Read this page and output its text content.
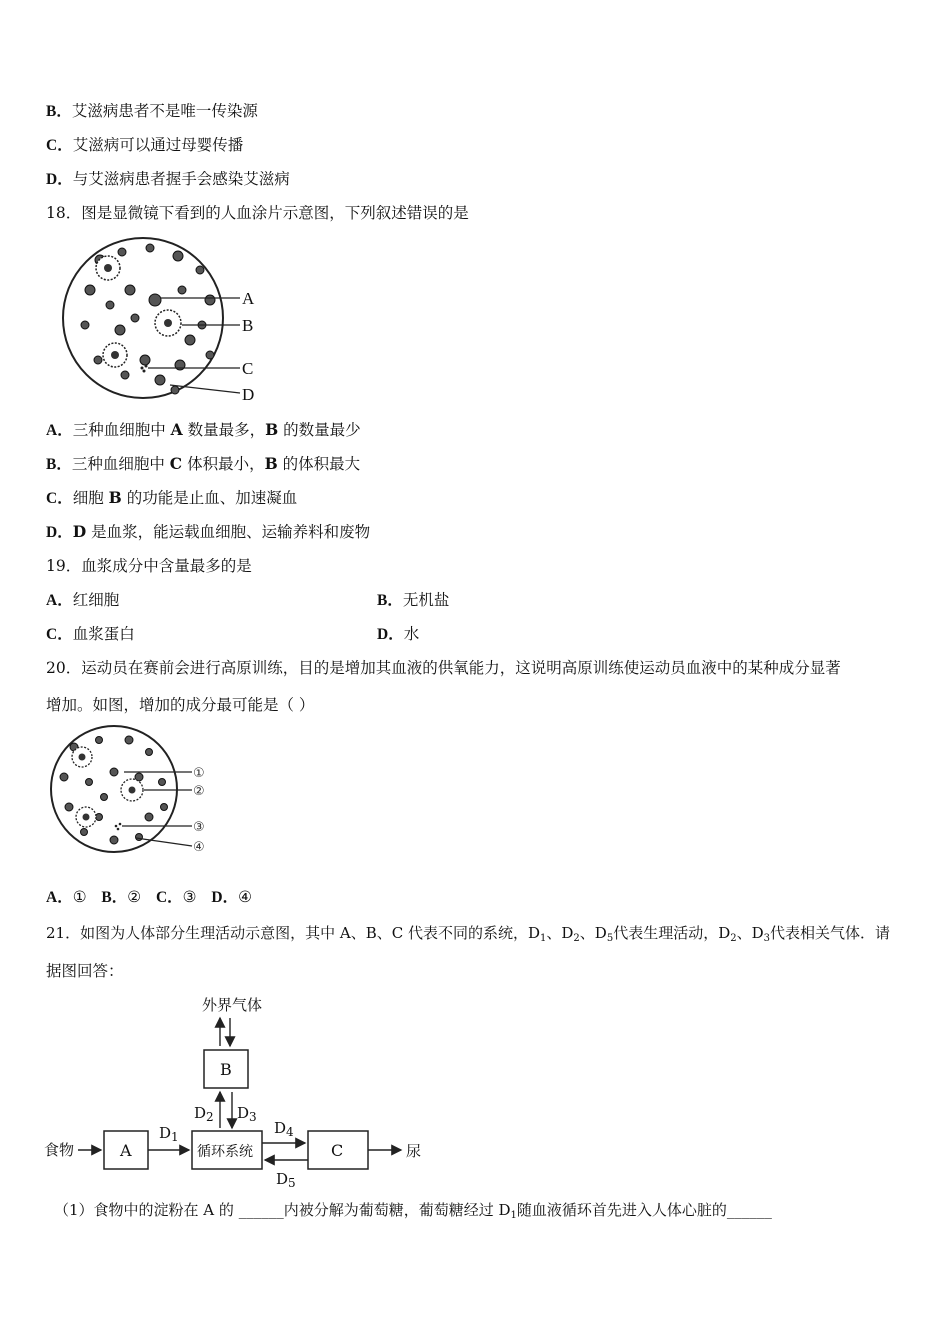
B．艾滋病患者不是唯一传染源
C．艾滋病可以通过母婴传播
D．与艾滋病患者握手会感染艾滋病
18．图是显微镜下看到的人血涂片示意图，下列叙述错误的是
A
B
C
D
A．三种血细胞中 A 数量最多，B 的数量最少
B．三种血细胞中 C 体积最小，B 的体积最大
C．细胞 B 的功能是止血、加速凝血
D．D 是血浆，能运载血细胞、运输养料和废物
19．血浆成分中含量最多的是
A．红细胞	B．无机盐
C．血浆蛋白	D．水
20．运动员在赛前会进行高原训练，目的是增加其血液的供氧能力，这说明高原训练使运动员血液中的某种成分显著
增加。如图，增加的成分最可能是（ ）
①
②
③
④
A．① B．② C．③ D．④
21．如图为人体部分生理活动示意图，其中 A、B、C 代表不同的系统，$D_1$、$D_2$、$D_5$代表生理活动，$D_2$、$D_3$代表相关气体．请
据图回答：
外界气体
B
食物	A	循环系统	C	尿
$D_2$ $D_3$
$D_1$	$D_4$
$D_5$
（1）食物中的淀粉在 A 的 ______内被分解为葡萄糖，葡萄糖经过 $D_1$随血液循环首先进入人体心脏的______
